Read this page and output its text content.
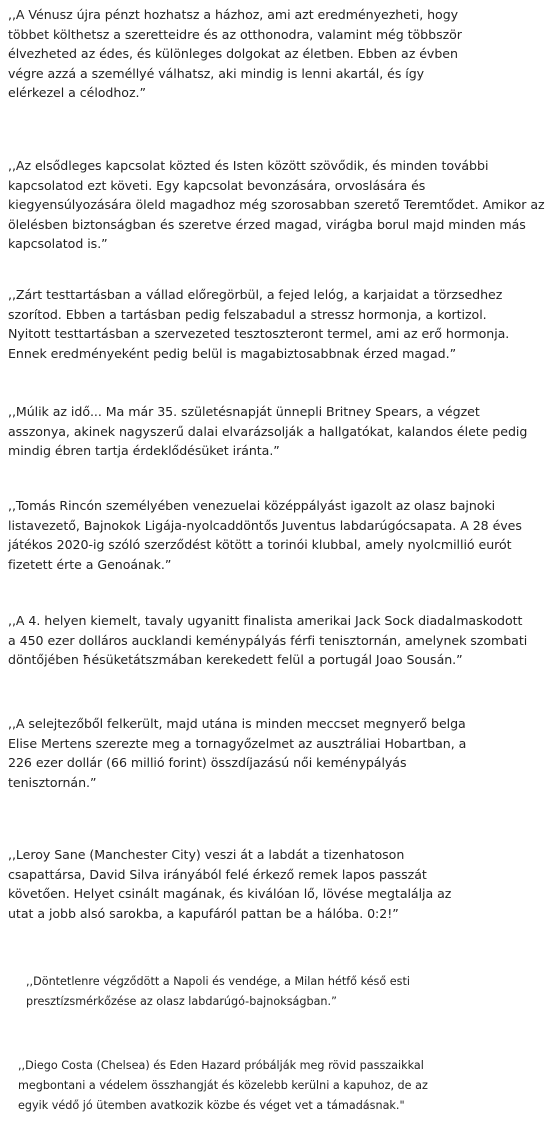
,,A Vénusz újra pénzt hozhatsz a házhoz, ami azt eredményezheti, hogy
többet költhetsz a szeretteidre és az otthonodra, valamint még többször
élvezheted az édes, és különleges dolgokat az életben. Ebben az évben
végre azzá a személlyé válhatsz, aki mindig is lenni akartál, és így
elérkezel a célodhoz.”

,,Az elsődleges kapcsolat közted és Isten között szövődik, és minden további
kapcsolatod ezt követi. Egy kapcsolat bevonzására, orvoslására és
kiegyensúlyozására öleld magadhoz még szorosabban szerető Teremtődet. Amikor az
ölelésben biztonságban és szeretve érzed magad, virágba borul majd minden más
kapcsolatod is.”

,,Zárt testtartásban a vállad előregörbül, a fejed lelóg, a karjaidat a törzsedhez
szorítod. Ebben a tartásban pedig felszabadul a stressz hormonja, a kortizol.
Nyitott testtartásban a szervezeted tesztoszteront termel, ami az erő hormonja.
Ennek eredményeként pedig belül is magabiztosabbnak érzed magad.”

,,Múlik az idő... Ma már 35. születésnapját ünnepli Britney Spears, a végzet
asszonya, akinek nagyszerű dalai elvarázsolják a hallgatókat, kalandos élete pedig
mindig ébren tartja érdeklődésüket iránta.”

,,Tomás Rincón személyében venezuelai középpályást igazolt az olasz bajnoki
listavezető, Bajnokok Ligája-nyolcaddöntős Juventus labdarúgócsapata. A 28 éves
játékos 2020-ig szóló szerződést kötött a torinói klubbal, amely nyolcmillió eurót
fizetett érte a Genoának.”

,,A 4. helyen kiemelt, tavaly ugyanitt finalista amerikai Jack Sock diadalmaskodott
a 450 ezer dolláros aucklandi keménypályás férfi tenisztornán, amelynek szombati
döntőjében ħésüketátszmában kerekedett felül a portugál Joao Sousán.”

,,A selejtezőből felkerült, majd utána is minden meccset megnyerő belga
Elise Mertens szerezte meg a tornagyőzelmet az ausztráliai Hobartban, a
226 ezer dollár (66 millió forint) összdíjazású női keménypályás
tenisztornán.”

,,Leroy Sane (Manchester City) veszi át a labdát a tizenhatoson
csapattársa, David Silva irányából felé érkező remek lapos passzát
követően. Helyet csinált magának, és kiválóan lő, lövése megtalálja az
utat a jobb alsó sarokba, a kapufáról pattan be a hálóba. 0:2!”

,,Döntetlenre végződött a Napoli és vendége, a Milan hétfő késő esti
presztízsmérkőzése az olasz labdarúgó-bajnokságban.”

,,Diego Costa (Chelsea) és Eden Hazard próbálják meg rövid passzaikkal
megbontani a védelem összhangját és közelebb kerülni a kapuhoz, de az
egyik védő jó ütemben avatkozik közbe és véget vet a támadásnak."
